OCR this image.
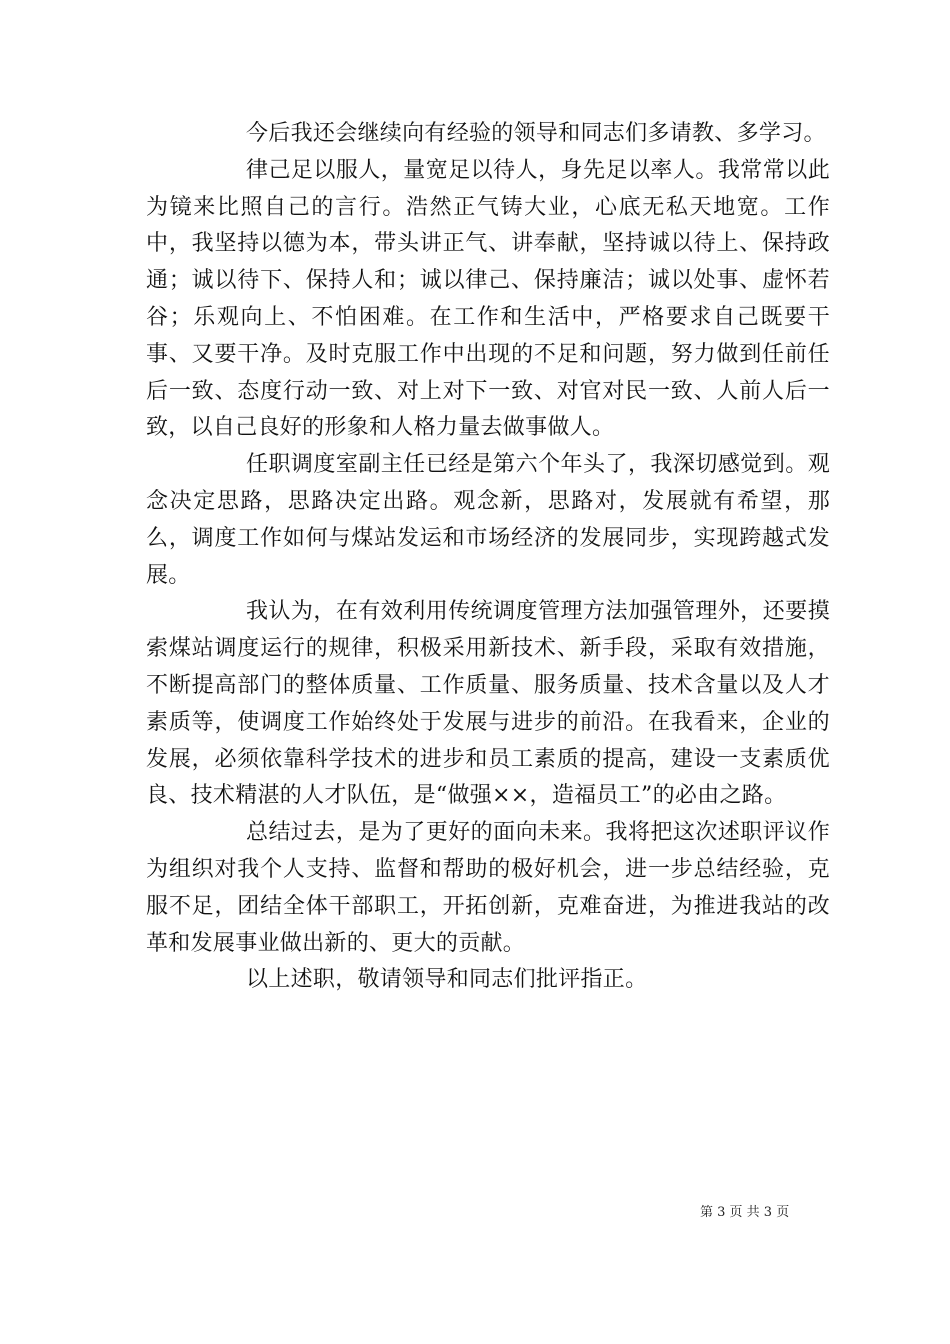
今后我还会继续向有经验的领导和同志们多请教、多学习。

律己足以服人，量宽足以待人，身先足以率人。我常常以此为镜来比照自己的言行。浩然正气铸大业，心底无私天地宽。工作中，我坚持以德为本，带头讲正气、讲奉献，坚持诚以待上、保持政通；诚以待下、保持人和；诚以律己、保持廉洁；诚以处事、虚怀若谷；乐观向上、不怕困难。在工作和生活中，严格要求自己既要干事、又要干净。及时克服工作中出现的不足和问题，努力做到任前任后一致、态度行动一致、对上对下一致、对官对民一致、人前人后一致，以自己良好的形象和人格力量去做事做人。

任职调度室副主任已经是第六个年头了，我深切感觉到。观念决定思路，思路决定出路。观念新，思路对，发展就有希望，那么，调度工作如何与煤站发运和市场经济的发展同步，实现跨越式发展。

我认为，在有效利用传统调度管理方法加强管理外，还要摸索煤站调度运行的规律，积极采用新技术、新手段，采取有效措施，不断提高部门的整体质量、工作质量、服务质量、技术含量以及人才素质等，使调度工作始终处于发展与进步的前沿。在我看来，企业的发展，必须依靠科学技术的进步和员工素质的提高，建设一支素质优良、技术精湛的人才队伍，是“做强××，造福员工”的必由之路。

总结过去，是为了更好的面向未来。我将把这次述职评议作为组织对我个人支持、监督和帮助的极好机会，进一步总结经验，克服不足，团结全体干部职工，开拓创新，克难奋进，为推进我站的改革和发展事业做出新的、更大的贡献。

以上述职，敬请领导和同志们批评指正。

第 3 页 共 3 页
